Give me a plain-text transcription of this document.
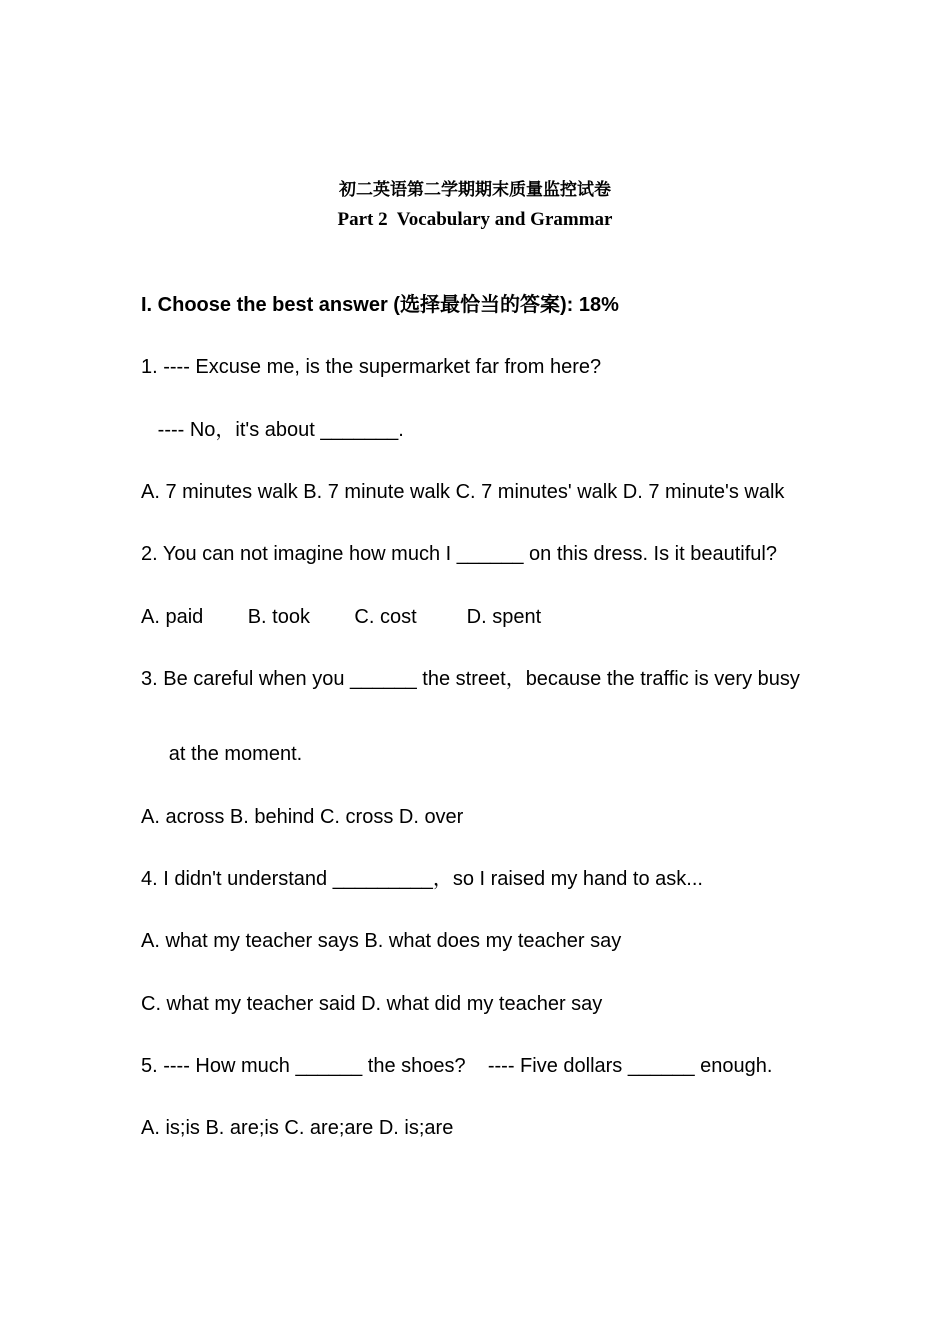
初二英语第二学期期末质量监控试卷
Part 2  Vocabulary and Grammar
I. Choose the best answer (选择最恰当的答案): 18%
1. ---- Excuse me, is the supermarket far from here?
---- No，it's about _______.
A. 7 minutes walk B. 7 minute walk C. 7 minutes' walk D. 7 minute's walk
2. You can not imagine how much I ______ on this dress. Is it beautiful?
A. paid        B. took        C. cost         D. spent
3. Be careful when you ______ the street，because the traffic is very busy
at the moment.
A. across B. behind C. cross D. over
4. I didn't understand _________，so I raised my hand to ask...
A. what my teacher says B. what does my teacher say
C. what my teacher said D. what did my teacher say
5. ---- How much ______ the shoes?    ---- Five dollars ______ enough.
A. is;is B. are;is C. are;are D. is;are
